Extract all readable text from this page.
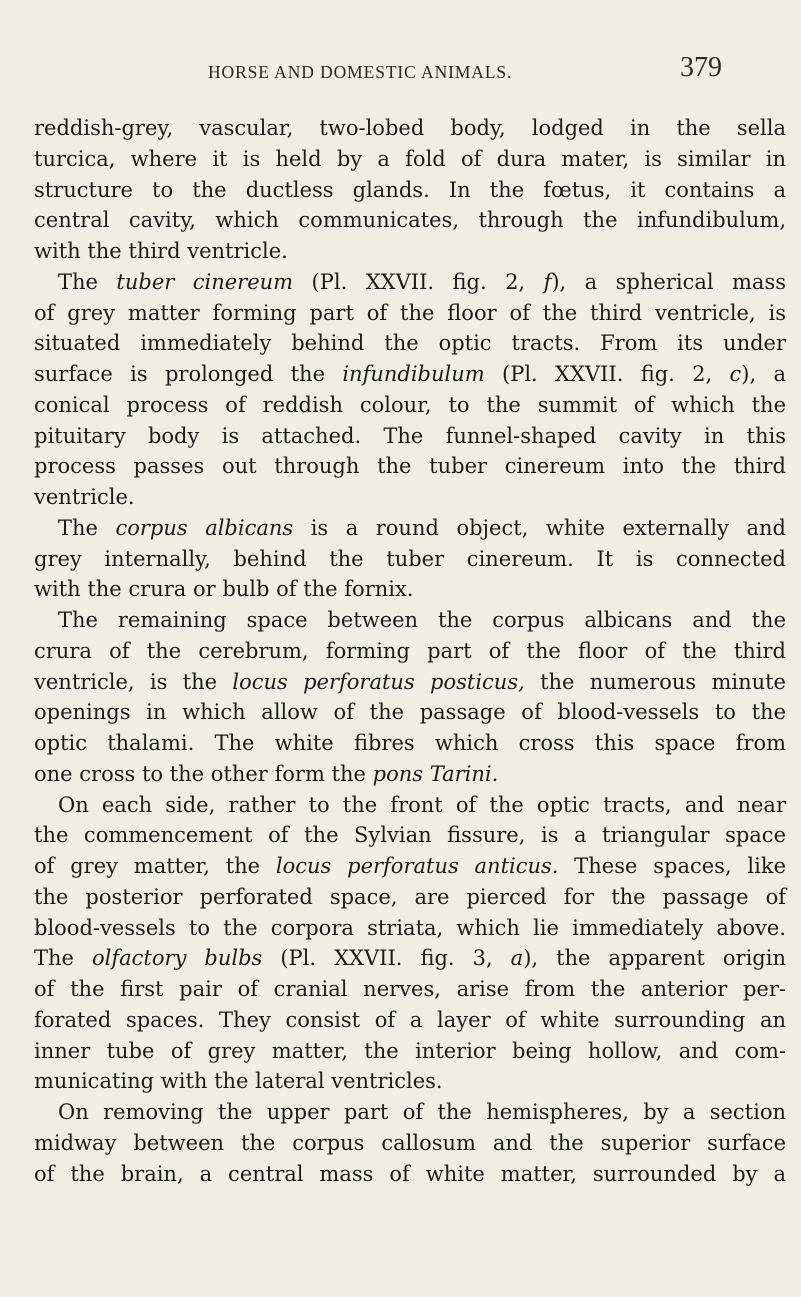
HORSE AND DOMESTIC ANIMALS.	379
reddish-grey, vascular, two-lobed body, lodged in the sella
turcica, where it is held by a fold of dura mater, is similar in
structure to the ductless glands. In the fœtus, it contains a
central cavity, which communicates, through the infundibulum,
with the third ventricle.
The tuber cinereum (Pl. XXVII. fig. 2, f), a spherical mass
of grey matter forming part of the floor of the third ventricle, is
situated immediately behind the optic tracts. From its under
surface is prolonged the infundibulum (Pl. XXVII. fig. 2, c), a
conical process of reddish colour, to the summit of which the
pituitary body is attached. The funnel-shaped cavity in this
process passes out through the tuber cinereum into the third
ventricle.
The corpus albicans is a round object, white externally and
grey internally, behind the tuber cinereum. It is connected
with the crura or bulb of the fornix.
The remaining space between the corpus albicans and the
crura of the cerebrum, forming part of the floor of the third
ventricle, is the locus perforatus posticus, the numerous minute
openings in which allow of the passage of blood-vessels to the
optic thalami. The white fibres which cross this space from
one cross to the other form the pons Tarini.
On each side, rather to the front of the optic tracts, and near
the commencement of the Sylvian fissure, is a triangular space
of grey matter, the locus perforatus anticus. These spaces, like
the posterior perforated space, are pierced for the passage of
blood-vessels to the corpora striata, which lie immediately above.
The olfactory bulbs (Pl. XXVII. fig. 3, a), the apparent origin
of the first pair of cranial nerves, arise from the anterior per-
forated spaces. They consist of a layer of white surrounding an
inner tube of grey matter, the interior being hollow, and com-
municating with the lateral ventricles.
On removing the upper part of the hemispheres, by a section
midway between the corpus callosum and the superior surface
of the brain, a central mass of white matter, surrounded by a
